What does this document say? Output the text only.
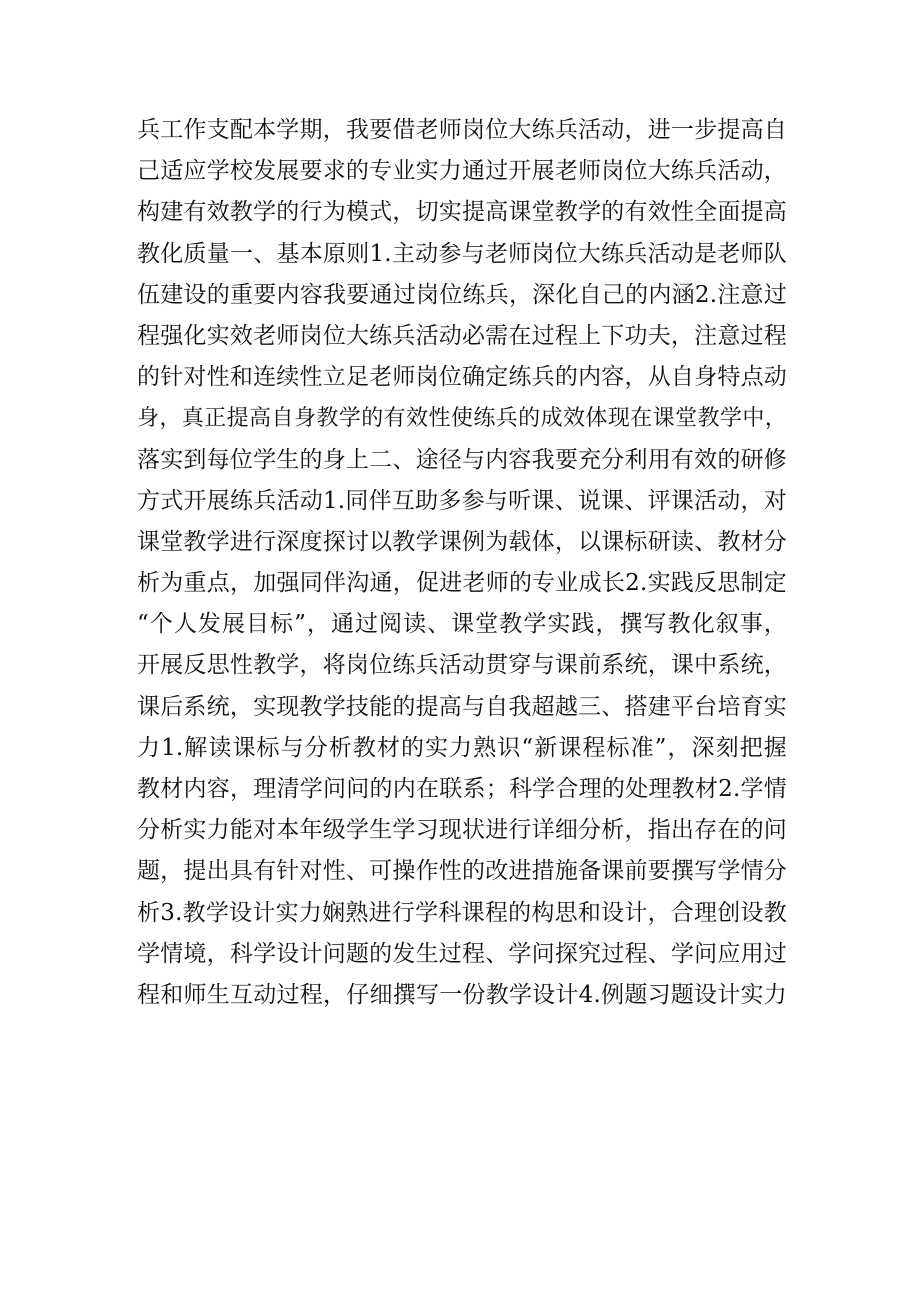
兵工作支配本学期，我要借老师岗位大练兵活动，进一步提高自
己适应学校发展要求的专业实力通过开展老师岗位大练兵活动，
构建有效教学的行为模式，切实提高课堂教学的有效性全面提高
教化质量一、基本原则1.主动参与老师岗位大练兵活动是老师队
伍建设的重要内容我要通过岗位练兵，深化自己的内涵2.注意过
程强化实效老师岗位大练兵活动必需在过程上下功夫，注意过程
的针对性和连续性立足老师岗位确定练兵的内容，从自身特点动
身，真正提高自身教学的有效性使练兵的成效体现在课堂教学中，
落实到每位学生的身上二、途径与内容我要充分利用有效的研修
方式开展练兵活动1.同伴互助多参与听课、说课、评课活动，对
课堂教学进行深度探讨以教学课例为载体，以课标研读、教材分
析为重点，加强同伴沟通，促进老师的专业成长2.实践反思制定
“个人发展目标”，通过阅读、课堂教学实践，撰写教化叙事，
开展反思性教学，将岗位练兵活动贯穿与课前系统，课中系统，
课后系统，实现教学技能的提高与自我超越三、搭建平台培育实
力1.解读课标与分析教材的实力熟识“新课程标准”，深刻把握
教材内容，理清学问问的内在联系；科学合理的处理教材2.学情
分析实力能对本年级学生学习现状进行详细分析，指出存在的问
题，提出具有针对性、可操作性的改进措施备课前要撰写学情分
析3.教学设计实力娴熟进行学科课程的构思和设计，合理创设教
学情境，科学设计问题的发生过程、学问探究过程、学问应用过
程和师生互动过程，仔细撰写一份教学设计4.例题习题设计实力
